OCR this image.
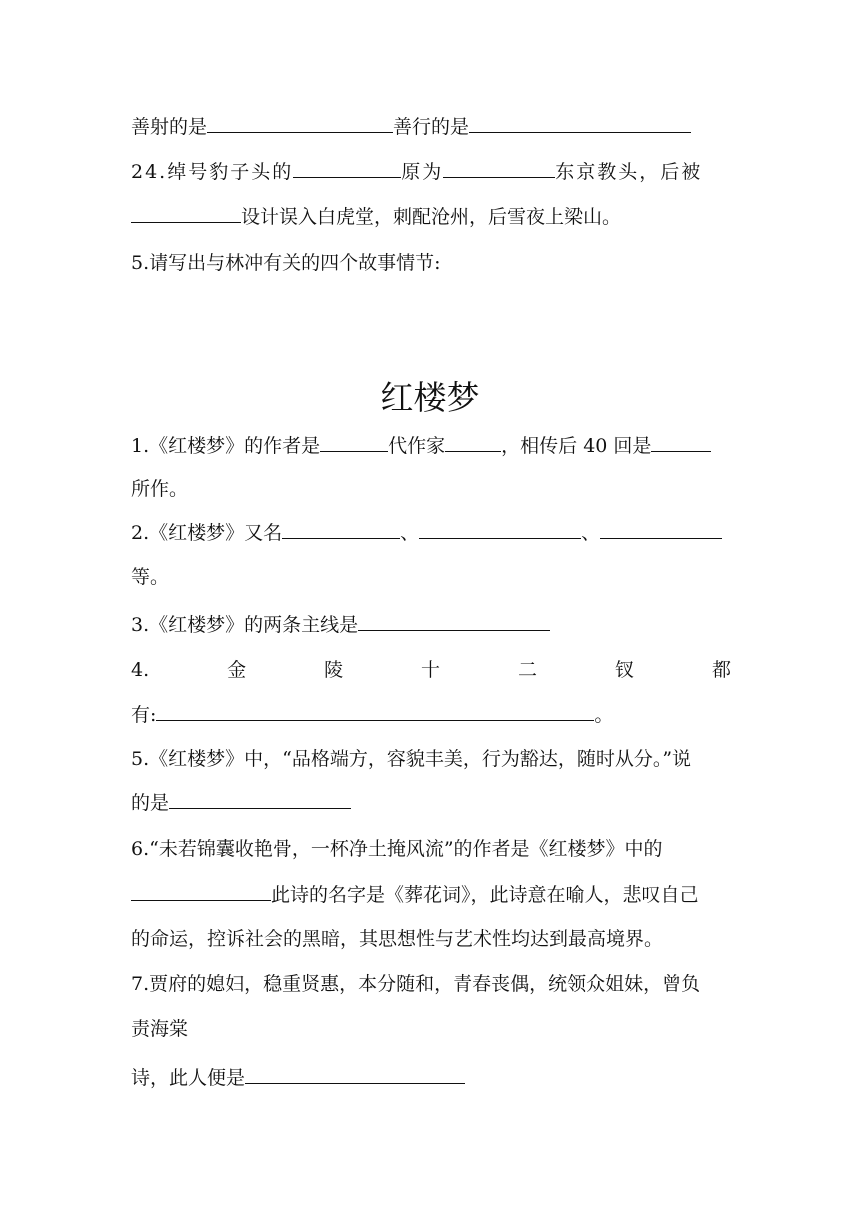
善射的是	善行的是
24.绰号豹子头的	原为	东京教头，后被
设计误入白虎堂，刺配沧州，后雪夜上梁山。
5.请写出与林冲有关的四个故事情节:
红楼梦
1.《红楼梦》的作者是	代作家	，相传后 40 回是
所作。
2.《红楼梦》又名	、	、
等。
3.《红楼梦》的两条主线是
4.	金	陵	十	二	钗	都
有:	。
5.《红楼梦》中，“品格端方，容貌丰美，行为豁达，随时从分。”说
的是
6.“未若锦囊收艳骨，一杯净土掩风流”的作者是《红楼梦》中的
此诗的名字是《葬花词》，此诗意在喻人，悲叹自己
的命运，控诉社会的黑暗，其思想性与艺术性均达到最高境界。
7.贾府的媳妇，稳重贤惠，本分随和，青春丧偶，统领众姐妹，曾负
责海棠
诗，此人便是
